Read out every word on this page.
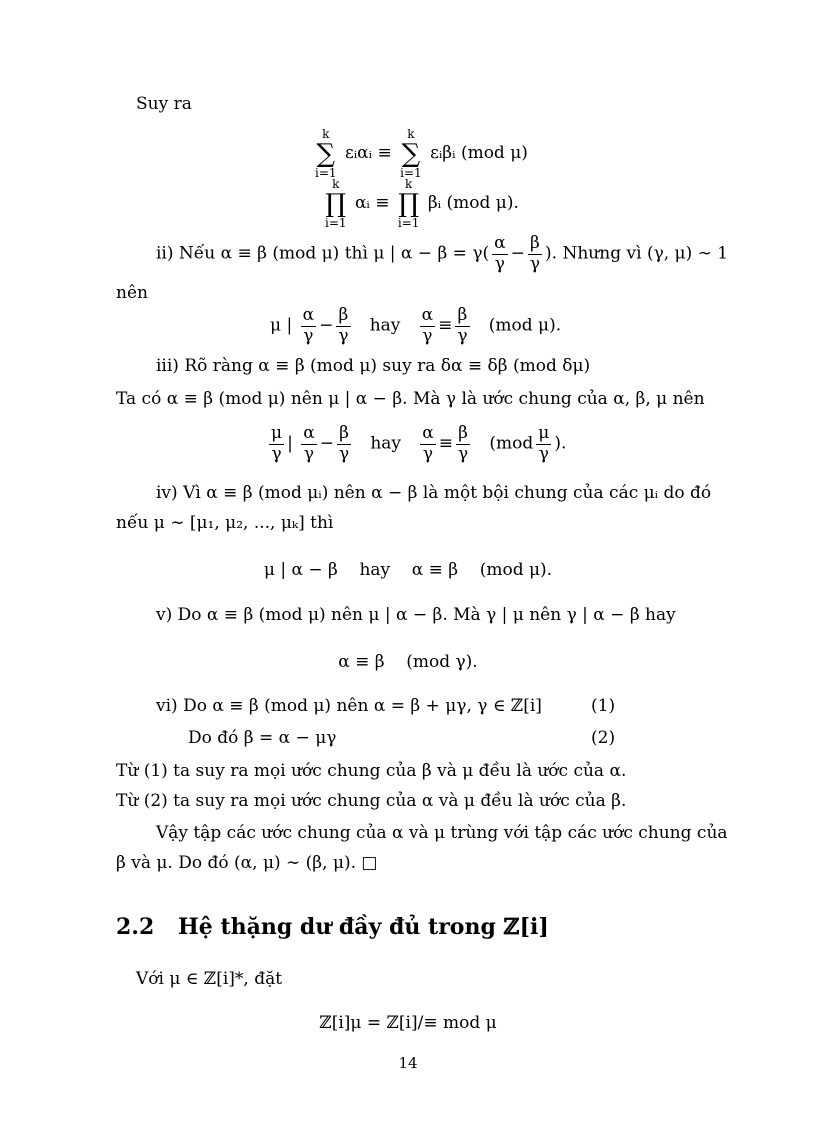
Suy ra
k
∑
i=1 εᵢαᵢ ≡ k
∑
i=1 εᵢβᵢ (mod μ)
k
∏
i=1 αᵢ ≡ k
∏
i=1 βᵢ (mod μ).
ii) Nếu α ≡ β (mod μ) thì μ | $\alpha - \beta = \gamma( \frac{\alpha}{\gamma} - \frac{\beta}{\gamma}$ ). Nhưng vì (γ, μ) ∼ 1
nên
μ | $\frac{\alpha}{\gamma} - \frac{\beta}{\gamma}$ hay $\frac{\alpha}{\gamma} \equiv \frac{\beta}{\gamma} (mod$ μ).
iii) Rõ ràng α ≡ β (mod μ) suy ra δα ≡ δβ (mod δμ)
Ta có α ≡ β (mod μ) nên μ | α − β. Mà γ là ước chung của α, β, μ nên
$\frac{\mu}{\gamma}$ | $\frac{\alpha}{\gamma} - \frac{\beta}{\gamma}$ hay $\frac{\alpha}{\gamma} \equiv \frac{\beta}{\gamma} (mod \frac{\mu}{\gamma}$ ).
iv) Vì α ≡ β (mod μᵢ) nên α − β là một bội chung của các μᵢ do đó
nếu μ ∼ [μ₁, μ₂, ..., μₖ] thì
μ | α − β    hay    α ≡ β    (mod μ).
v) Do α ≡ β (mod μ) nên μ | α − β. Mà γ | μ nên γ | α − β hay
α ≡ β    (mod γ).
vi) Do α ≡ β (mod μ) nên α = β + μγ, γ ∈ ℤ[i]	(1)
Do đó β = α − μγ	(2)
Từ (1) ta suy ra mọi ước chung của β và μ đều là ước của α.
Từ (2) ta suy ra mọi ước chung của α và μ đều là ước của β.
Vậy tập các ước chung của α và μ trùng với tập các ước chung của
β và μ. Do đó (α, μ) ∼ (β, μ). □
2.2 Hệ thặng dư đầy đủ trong ℤ[i]
Với μ ∈ ℤ[i]*, đặt
ℤ[i]μ = ℤ[i]/≡ mod μ
14
